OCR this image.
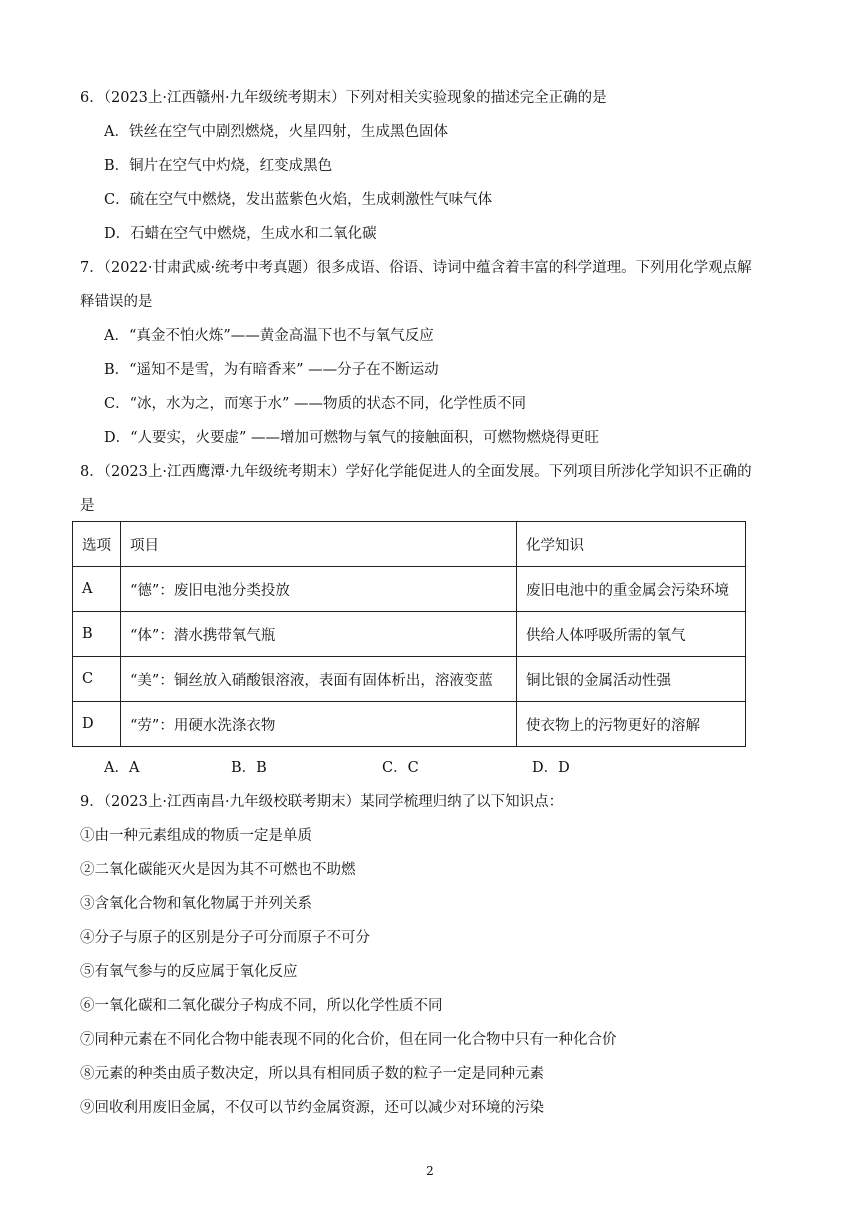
6．（2023上·江西赣州·九年级统考期末）下列对相关实验现象的描述完全正确的是
A．铁丝在空气中剧烈燃烧，火星四射，生成黑色固体
B．铜片在空气中灼烧，红变成黑色
C．硫在空气中燃烧，发出蓝紫色火焰，生成刺激性气味气体
D．石蜡在空气中燃烧，生成水和二氧化碳
7．（2022·甘肃武威·统考中考真题）很多成语、俗语、诗词中蕴含着丰富的科学道理。下列用化学观点解
释错误的是
A．“真金不怕火炼”——黄金高温下也不与氧气反应
B．“遥知不是雪，为有暗香来” ——分子在不断运动
C．“冰，水为之，而寒于水” ——物质的状态不同，化学性质不同
D．“人要实，火要虚” ——增加可燃物与氧气的接触面积，可燃物燃烧得更旺
8．（2023上·江西鹰潭·九年级统考期末）学好化学能促进人的全面发展。下列项目所涉化学知识不正确的
是
选项	项目	化学知识
A	“德”：废旧电池分类投放	废旧电池中的重金属会污染环境
B	“体”：潜水携带氧气瓶	供给人体呼吸所需的氧气
C	“美”：铜丝放入硝酸银溶液，表面有固体析出，溶液变蓝	铜比银的金属活动性强
D	“劳”：用硬水洗涤衣物	使衣物上的污物更好的溶解
A．A	B．B	C．C	D．D
9．（2023上·江西南昌·九年级校联考期末）某同学梳理归纳了以下知识点：
①由一种元素组成的物质一定是单质
②二氧化碳能灭火是因为其不可燃也不助燃
③含氧化合物和氧化物属于并列关系
④分子与原子的区别是分子可分而原子不可分
⑤有氧气参与的反应属于氧化反应
⑥一氧化碳和二氧化碳分子构成不同，所以化学性质不同
⑦同种元素在不同化合物中能表现不同的化合价，但在同一化合物中只有一种化合价
⑧元素的种类由质子数决定，所以具有相同质子数的粒子一定是同种元素
⑨回收利用废旧金属，不仅可以节约金属资源，还可以减少对环境的污染
2
